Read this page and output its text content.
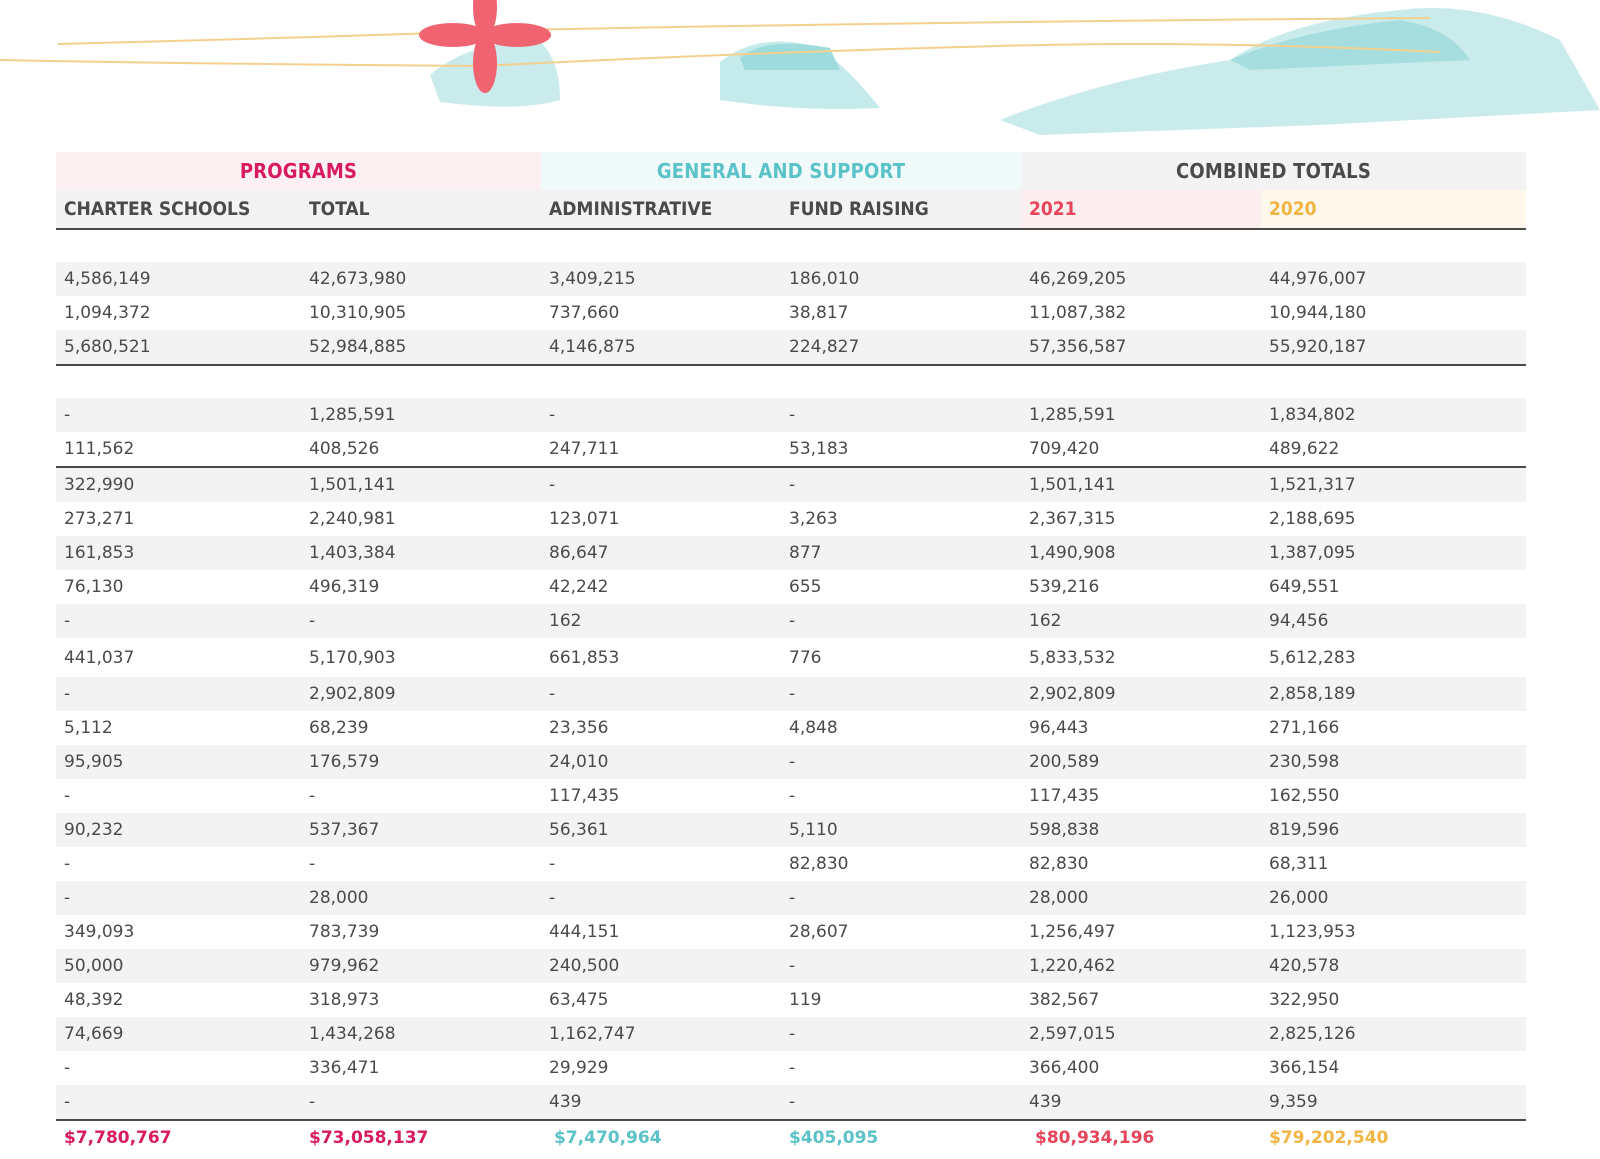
PROGRAMS	GENERAL AND SUPPORT	COMBINED TOTALS
CHARTER SCHOOLS	TOTAL	ADMINISTRATIVE	FUND RAISING	2021	2020
4,586,149	42,673,980	3,409,215	186,010	46,269,205	44,976,007
1,094,372	10,310,905	737,660	38,817	11,087,382	10,944,180
5,680,521	52,984,885	4,146,875	224,827	57,356,587	55,920,187
-	1,285,591	-	-	1,285,591	1,834,802
111,562	408,526	247,711	53,183	709,420	489,622
322,990	1,501,141	-	-	1,501,141	1,521,317
273,271	2,240,981	123,071	3,263	2,367,315	2,188,695
161,853	1,403,384	86,647	877	1,490,908	1,387,095
76,130	496,319	42,242	655	539,216	649,551
-	-	162	-	162	94,456
441,037	5,170,903	661,853	776	5,833,532	5,612,283
-	2,902,809	-	-	2,902,809	2,858,189
5,112	68,239	23,356	4,848	96,443	271,166
95,905	176,579	24,010	-	200,589	230,598
-	-	117,435	-	117,435	162,550
90,232	537,367	56,361	5,110	598,838	819,596
-	-	-	82,830	82,830	68,311
-	28,000	-	-	28,000	26,000
349,093	783,739	444,151	28,607	1,256,497	1,123,953
50,000	979,962	240,500	-	1,220,462	420,578
48,392	318,973	63,475	119	382,567	322,950
74,669	1,434,268	1,162,747	-	2,597,015	2,825,126
-	336,471	29,929	-	366,400	366,154
-	-	439	-	439	9,359
$7,780,767	$73,058,137	$7,470,964	$405,095	$80,934,196	$79,202,540
